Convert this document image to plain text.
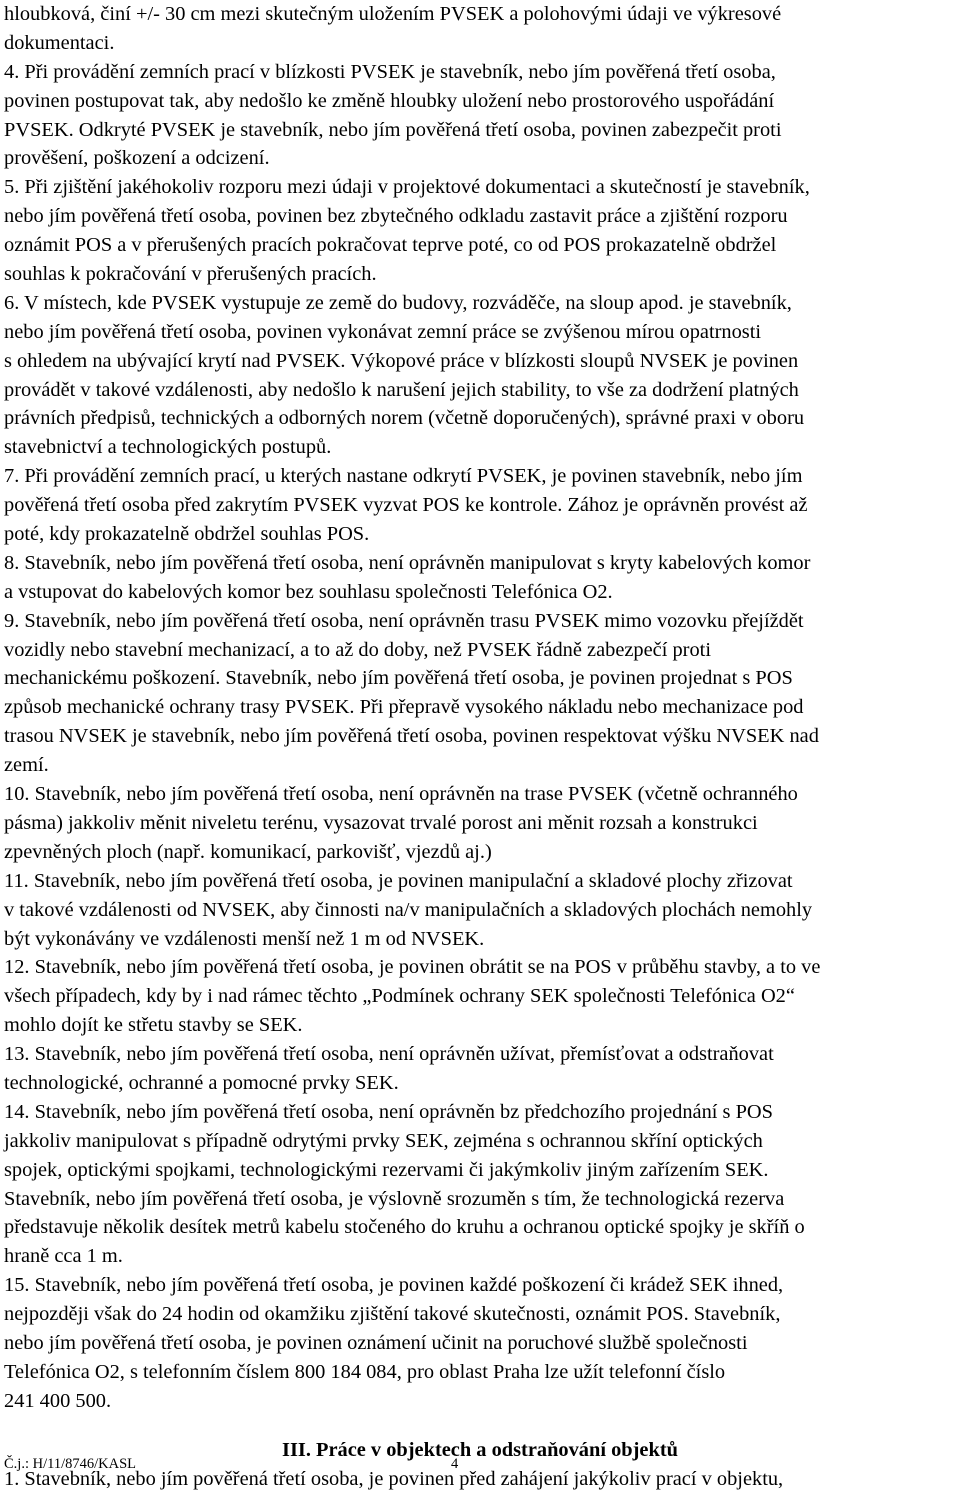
hloubková, činí +/- 30 cm mezi skutečným uložením PVSEK a polohovými údaji ve výkresové
dokumentaci.
4. Při provádění zemních prací v blízkosti PVSEK je stavebník, nebo jím pověřená třetí osoba,
povinen postupovat tak, aby nedošlo ke změně hloubky uložení nebo prostorového uspořádání
PVSEK. Odkryté PVSEK je stavebník, nebo jím pověřená třetí osoba, povinen zabezpečit proti
prověšení, poškození a odcizení.
5. Při zjištění jakéhokoliv rozporu mezi údaji v projektové dokumentaci a skutečností je stavebník,
nebo jím pověřená třetí osoba, povinen bez zbytečného odkladu zastavit práce a zjištění rozporu
oznámit POS a v přerušených pracích pokračovat teprve poté, co od POS prokazatelně obdržel
souhlas k pokračování v přerušených pracích.
6. V místech, kde PVSEK vystupuje ze země do budovy, rozváděče, na sloup apod. je stavebník,
nebo jím pověřená třetí osoba, povinen vykonávat zemní práce se zvýšenou mírou opatrnosti
s ohledem na ubývající krytí nad PVSEK. Výkopové práce v blízkosti sloupů NVSEK je povinen
provádět v takové vzdálenosti, aby nedošlo k narušení jejich stability, to vše za dodržení platných
právních předpisů, technických a odborných norem (včetně doporučených), správné praxi v oboru
stavebnictví a technologických postupů.
7. Při provádění zemních prací, u kterých nastane odkrytí PVSEK, je povinen stavebník, nebo jím
pověřená třetí osoba před zakrytím PVSEK vyzvat POS ke kontrole. Zához je oprávněn provést až
poté, kdy prokazatelně obdržel souhlas POS.
8. Stavebník, nebo jím pověřená třetí osoba, není oprávněn manipulovat s kryty kabelových komor
a vstupovat do kabelových komor bez souhlasu společnosti Telefónica O2.
9. Stavebník, nebo jím pověřená třetí osoba, není oprávněn trasu PVSEK mimo vozovku přejíždět
vozidly nebo stavební mechanizací, a to až do doby, než PVSEK řádně zabezpečí proti
mechanickému poškození. Stavebník, nebo jím pověřená třetí osoba, je povinen projednat s POS
způsob mechanické ochrany trasy PVSEK. Při přepravě vysokého nákladu nebo mechanizace pod
trasou NVSEK je stavebník, nebo jím pověřená třetí osoba, povinen respektovat výšku NVSEK nad
zemí.
10. Stavebník, nebo jím pověřená třetí osoba, není oprávněn na trase PVSEK (včetně ochranného
pásma) jakkoliv měnit niveletu terénu, vysazovat trvalé porost ani měnit rozsah a konstrukci
zpevněných ploch (např. komunikací, parkovišť, vjezdů aj.)
11. Stavebník, nebo jím pověřená třetí osoba, je povinen manipulační a skladové plochy zřizovat
v takové vzdálenosti od NVSEK, aby činnosti na/v manipulačních a skladových plochách nemohly
být vykonávány ve vzdálenosti menší než 1 m od NVSEK.
12. Stavebník, nebo jím pověřená třetí osoba, je povinen obrátit se na POS v průběhu stavby, a to ve
všech případech, kdy by i nad rámec těchto „Podmínek ochrany SEK společnosti Telefónica O2“
mohlo dojít ke střetu stavby se SEK.
13. Stavebník, nebo jím pověřená třetí osoba, není oprávněn užívat, přemísťovat a odstraňovat
technologické, ochranné a pomocné prvky SEK.
14. Stavebník, nebo jím pověřená třetí osoba, není oprávněn bz předchozího projednání s POS
jakkoliv manipulovat s případně odrytými prvky SEK, zejména s ochrannou skříní optických
spojek, optickými spojkami, technologickými rezervami či jakýmkoliv jiným zařízením SEK.
Stavebník, nebo jím pověřená třetí osoba, je výslovně srozuměn s tím, že technologická rezerva
představuje několik desítek metrů kabelu stočeného do kruhu a ochranou optické spojky je skříň o
hraně cca 1 m.
15. Stavebník, nebo jím pověřená třetí osoba, je povinen každé poškození či krádež SEK ihned,
nejpozději však do 24 hodin od okamžiku zjištění takové skutečnosti, oznámit POS. Stavebník,
nebo jím pověřená třetí osoba, je povinen oznámení učinit na poruchové službě společnosti
Telefónica O2, s telefonním číslem 800 184 084, pro oblast Praha lze užít telefonní číslo
241 400 500.
III. Práce v objektech a odstraňování objektů
1. Stavebník, nebo jím pověřená třetí osoba, je povinen před zahájení jakýkoliv prací v objektu,
Č.j.: H/11/8746/KASL	4
